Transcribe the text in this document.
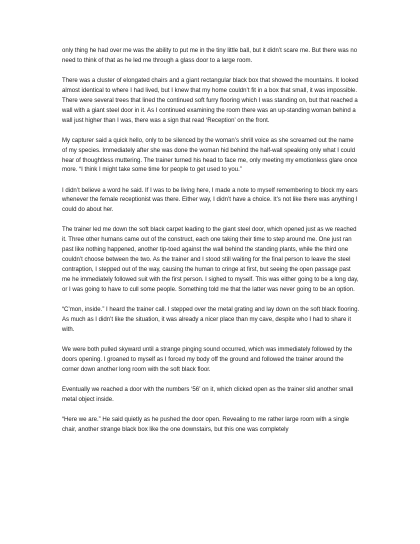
only thing he had over me was the ability to put me in the tiny little ball, but it didn’t scare me. But there was no need to think of that as he led me through a glass door to a large room.

There was a cluster of elongated chairs and a giant rectangular black box that showed the mountains. It looked almost identical to where I had lived, but I knew that my home couldn’t fit in a box that small, it was impossible. There were several trees that lined the continued soft furry flooring which I was standing on, but that reached a wall with a giant steel door in it. As I continued examining the room there was an up-standing woman behind a wall just higher than I was, there was a sign that read ‘Reception’ on the front.

My capturer said a quick hello, only to be silenced by the woman’s shrill voice as she screamed out the name of my species. Immediately after she was done the woman hid behind the half-wall speaking only what I could hear of thoughtless muttering. The trainer turned his head to face me, only meeting my emotionless glare once more. “I think I might take some time for people to get used to you.”

I didn’t believe a word he said. If I was to be living here, I made a note to myself remembering to block my ears whenever the female receptionist was there. Either way, I didn’t have a choice. It’s not like there was anything I could do about her.

The trainer led me down the soft black carpet leading to the giant steel door, which opened just as we reached it. Three other humans came out of the construct, each one taking their time to step around me. One just ran past like nothing happened, another tip-toed against the wall behind the standing plants, while the third one couldn’t choose between the two. As the trainer and I stood still waiting for the final person to leave the steel contraption, I stepped out of the way, causing the human to cringe at first, but seeing the open passage past me he immediately followed suit with the first person. I sighed to myself. This was either going to be a long day, or I was going to have to cull some people. Something told me that the latter was never going to be an option.

“C’mon, inside.” I heard the trainer call. I stepped over the metal grating and lay down on the soft black flooring. As much as I didn’t like the situation, it was already a nicer place than my cave, despite who I had to share it with.

We were both pulled skyward until a strange pinging sound occurred, which was immediately followed by the doors opening. I groaned to myself as I forced my body off the ground and followed the trainer around the corner down another long room with the soft black floor.

Eventually we reached a door with the numbers ‘56’ on it, which clicked open as the trainer slid another small metal object inside.

“Here we are.” He said quietly as he pushed the door open. Revealing to me rather large room with a single chair, another strange black box like the one downstairs, but this one was completely
